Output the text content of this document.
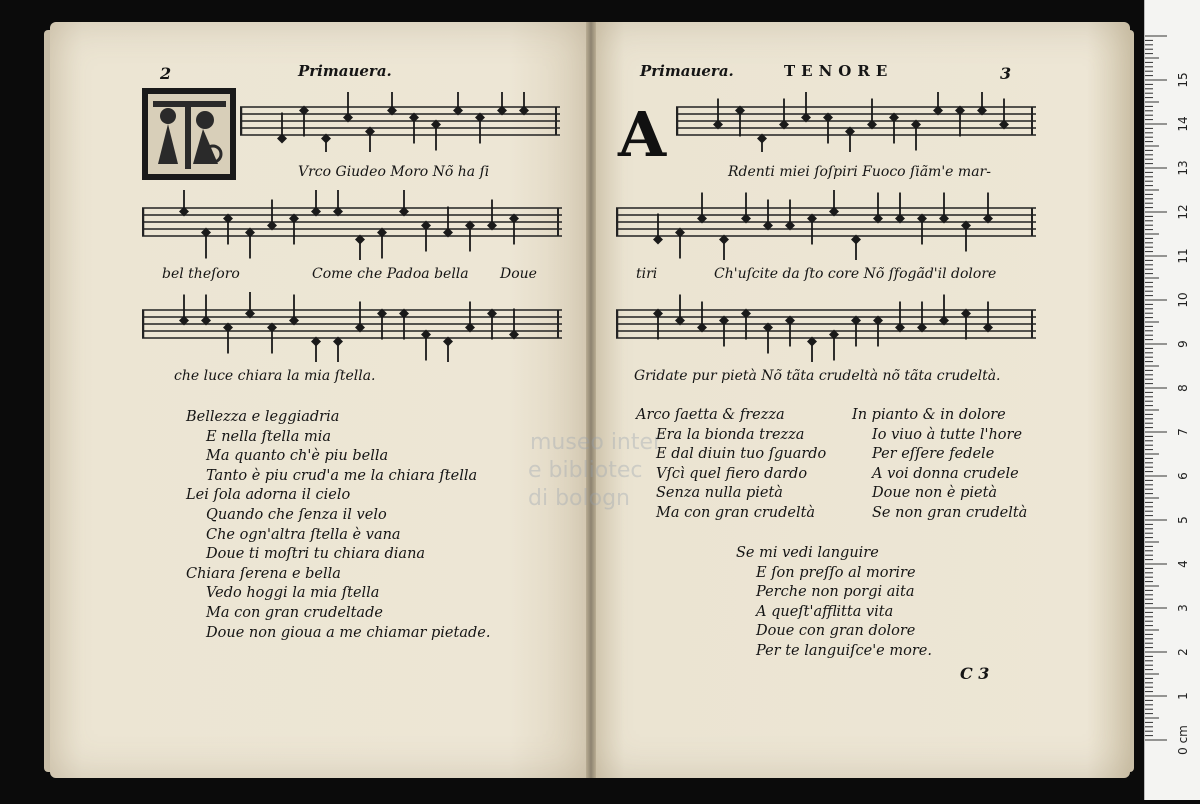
museo inter
e bibliotec
di bologn
2	Primauera.
Vrco Giudeo Moro Nõ ha ſi
bel theſoro	Come che Padoa bella Doue
che luce chiara la mia ſtella.
Bellezza e leggiadria
E nella ſtella mia
Ma quanto ch'è piu bella
Tanto è piu crud'a me la chiara ſtella
Lei ſola adorna il cielo
Quando che ſenza il velo
Che ogn'altra ſtella è vana
Doue ti moſtri tu chiara diana
Chiara ſerena e bella
Vedo hoggi la mia ſtella
Ma con gran crudeltade
Doue non gioua a me chiamar pietade.
Primauera.	TENORE	3
A
Rdenti miei ſoſpiri Fuoco ſiãm'e mar-
tiri	Ch'uſcite da ſto core Nõ ſfogãd'il dolore
Gridate pur pietà Nõ tãta crudeltà nõ tãta crudeltà.
Arco ſaetta & frezza
Era la bionda trezza
E dal diuin tuo ſguardo
Vſcì quel fiero dardo
Senza nulla pietà
Ma con gran crudeltà
In pianto & in dolore
Io viuo à tutte l'hore
Per eſſere fedele
A voi donna crudele
Doue non è pietà
Se non gran crudeltà
Se mi vedi languire
E ſon preſſo al morire
Perche non porgi aita
A queſt'afflitta vita
Doue con gran dolore
Per te languiſce'e more.
C 3
0 cm
1
2
3
4
5
6
7
8
9
10
11
12
13
14
15
